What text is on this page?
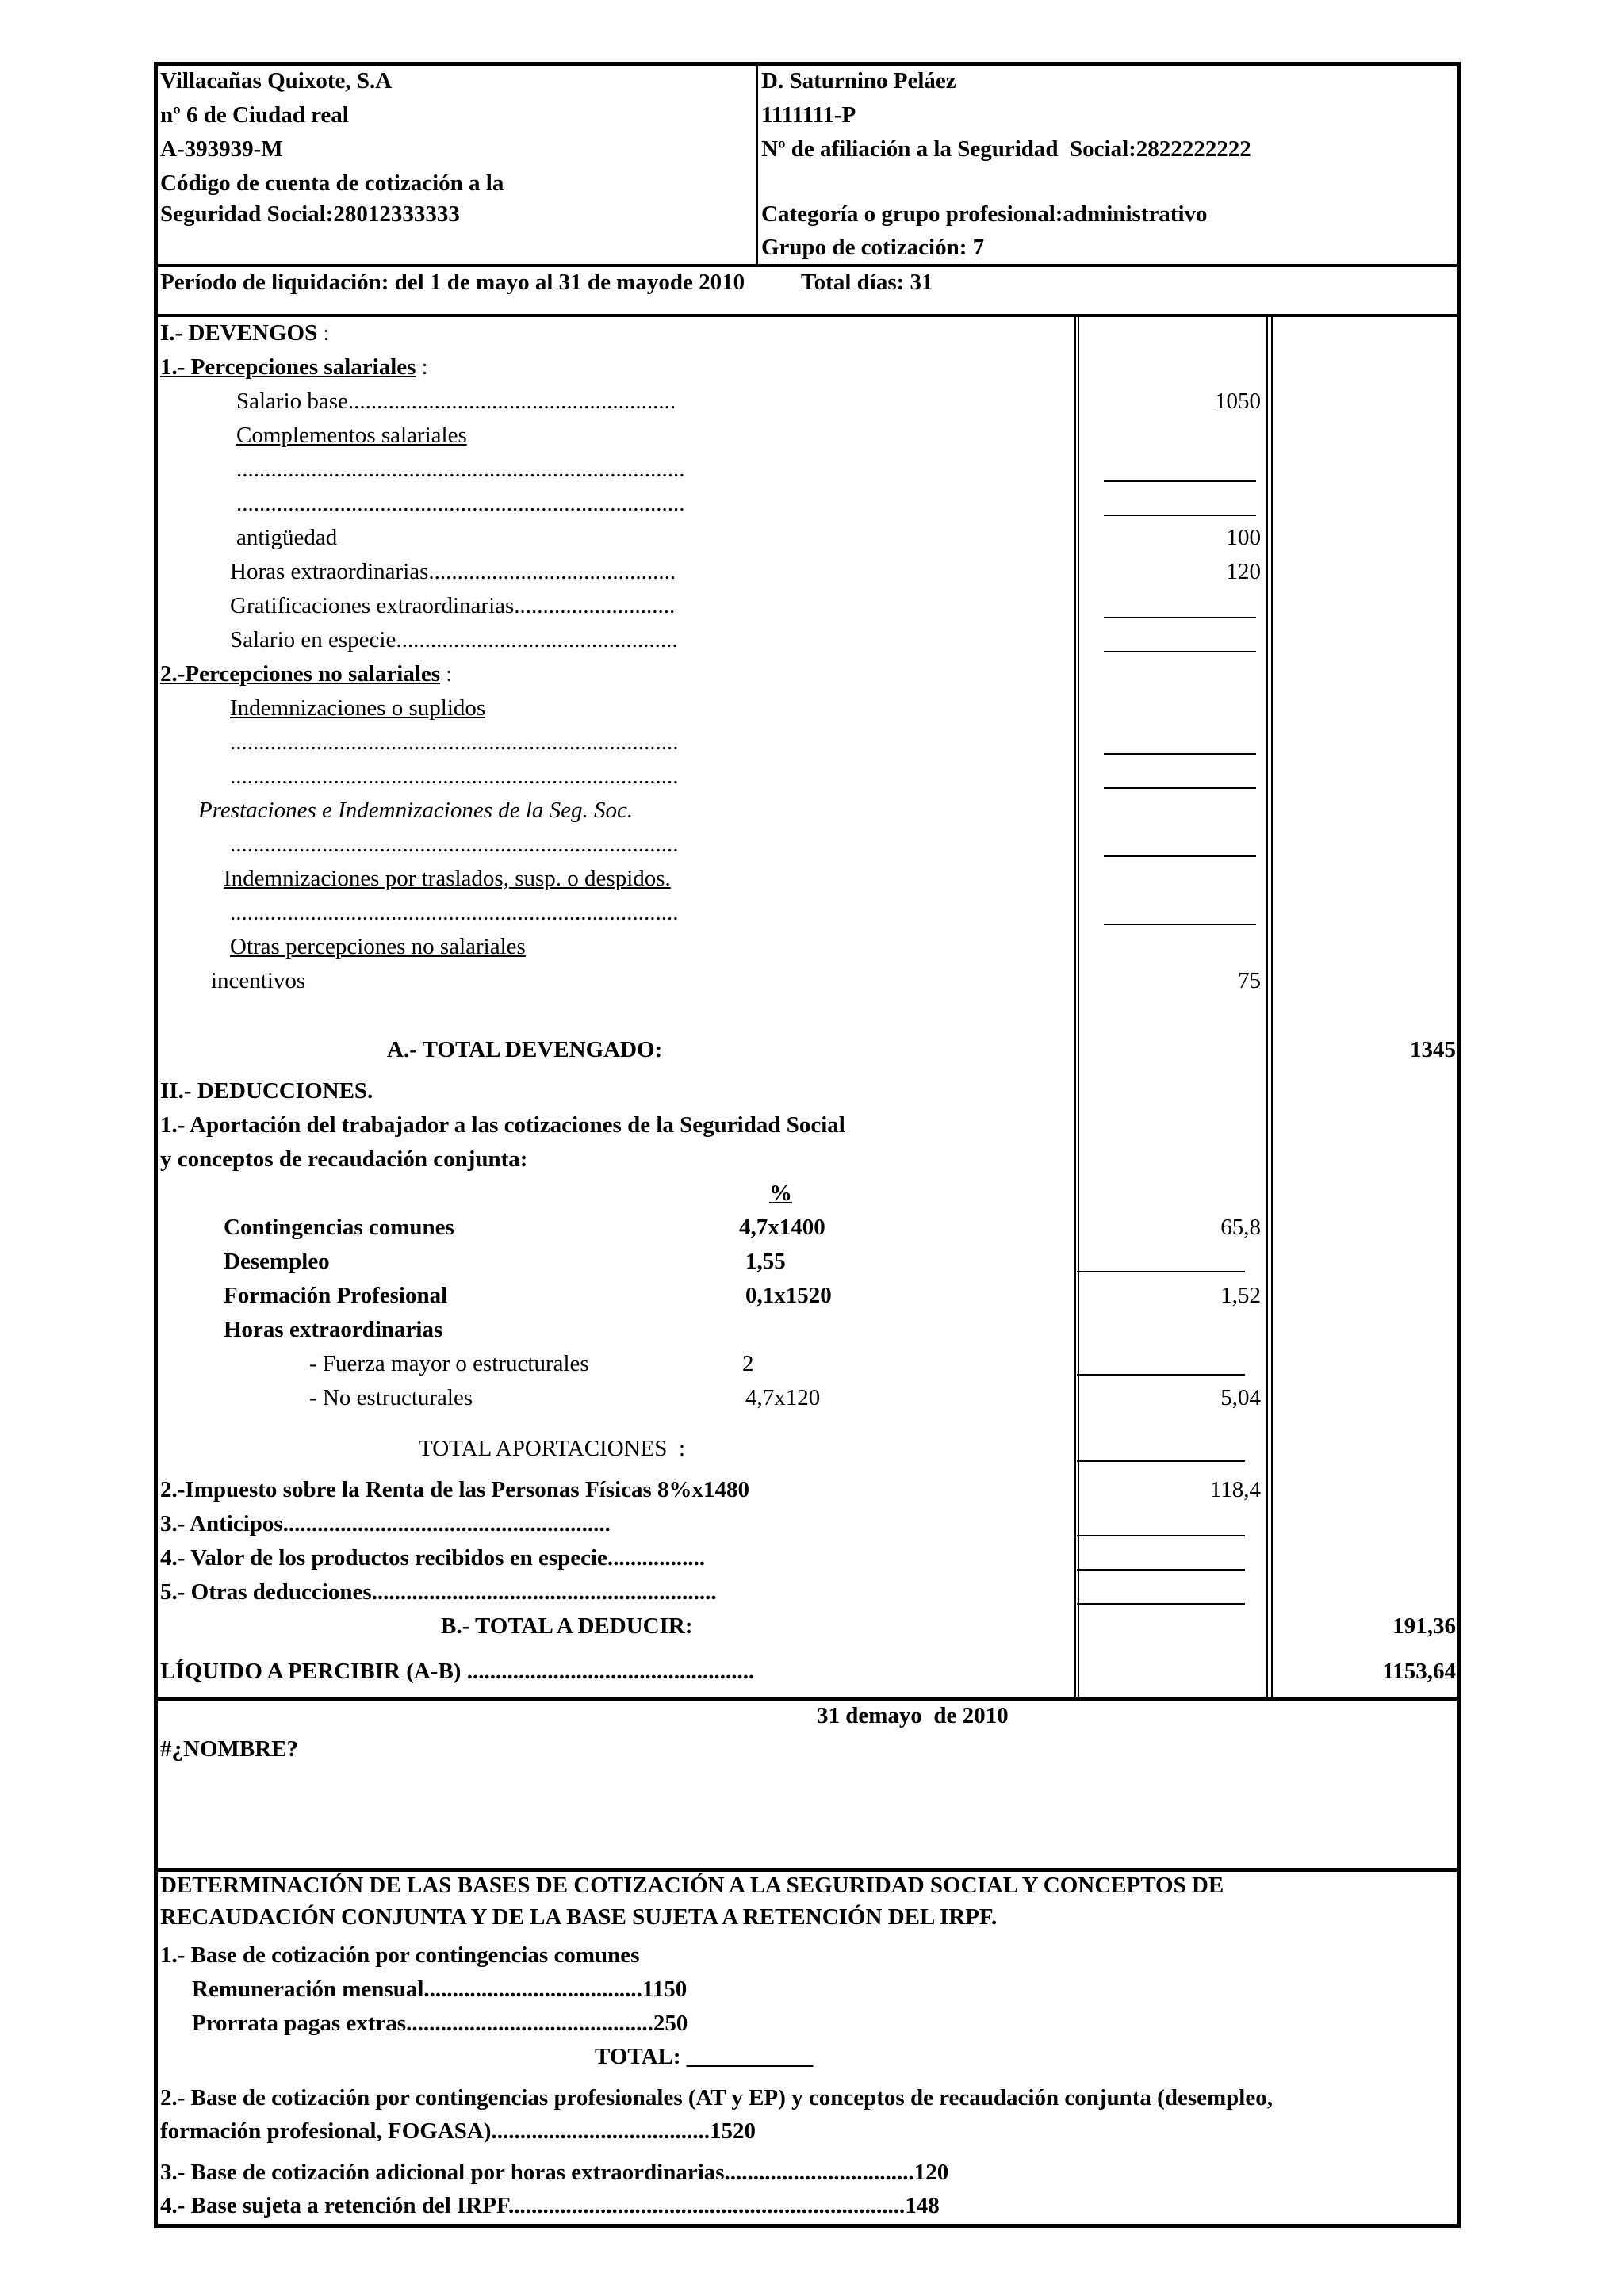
Villacañas Quixote, S.A
nº 6 de Ciudad real
A-393939-M
Código de cuenta de cotización a la
Seguridad Social:28012333333
D. Saturnino Peláez
1111111-P
Nº de afiliación a la Seguridad  Social:2822222222
Categoría o grupo profesional:administrativo
Grupo de cotización: 7
Período de liquidación: del 1 de mayo al 31 de mayode 2010 Total días: 31
I.- DEVENGOS :
1.- Percepciones salariales :
Salario base.........................................................	1050
Complementos salariales
..............................................................................
..............................................................................
antigüedad	100
Horas extraordinarias...........................................	120
Gratificaciones extraordinarias............................
Salario en especie.................................................
2.-Percepciones no salariales :
Indemnizaciones o suplidos
..............................................................................
..............................................................................
Prestaciones e Indemnizaciones de la Seg. Soc.
..............................................................................
Indemnizaciones por traslados, susp. o despidos.
..............................................................................
Otras percepciones no salariales
incentivos	75
A.- TOTAL DEVENGADO:	1345
II.- DEDUCCIONES.
1.- Aportación del trabajador a las cotizaciones de la Seguridad Social
y conceptos de recaudación conjunta:
%
Contingencias comunes	4,7x1400	65,8
Desempleo	1,55
Formación Profesional	0,1x1520	1,52
Horas extraordinarias
- Fuerza mayor o estructurales	2
- No estructurales	4,7x120	5,04
TOTAL APORTACIONES :
2.-Impuesto sobre la Renta de las Personas Físicas 8%x1480	118,4
3.- Anticipos.........................................................
4.- Valor de los productos recibidos en especie.................
5.- Otras deducciones............................................................
B.- TOTAL A DEDUCIR:	191,36
LÍQUIDO A PERCIBIR (A-B) ..................................................	1153,64
31 demayo  de 2010
#¿NOMBRE?
DETERMINACIÓN DE LAS BASES DE COTIZACIÓN A LA SEGURIDAD SOCIAL Y CONCEPTOS DE
RECAUDACIÓN CONJUNTA Y DE LA BASE SUJETA A RETENCIÓN DEL IRPF.
1.- Base de cotización por contingencias comunes
Remuneración mensual......................................1150
Prorrata pagas extras...........................................250
TOTAL: ___________
2.- Base de cotización por contingencias profesionales (AT y EP) y conceptos de recaudación conjunta (desempleo,
formación profesional, FOGASA)......................................1520
3.- Base de cotización adicional por horas extraordinarias.................................120
4.- Base sujeta a retención del IRPF.....................................................................148
